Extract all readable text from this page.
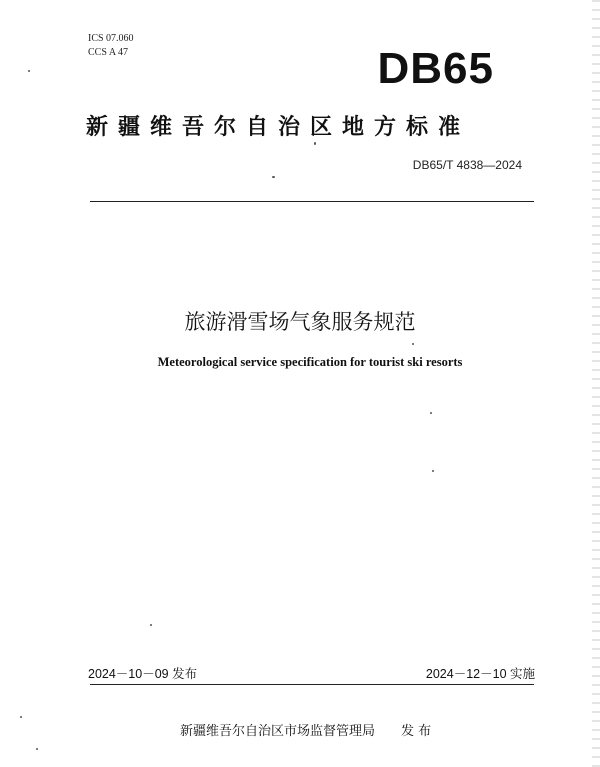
ICS 07.060
CCS A 47	DB65
新疆维吾尔自治区地方标准
DB65/T 4838—2024
旅游滑雪场气象服务规范
Meteorological service specification for tourist ski resorts
2024－10－09 发布	2024－12－10 实施
新疆维吾尔自治区市场监督管理局 发 布
